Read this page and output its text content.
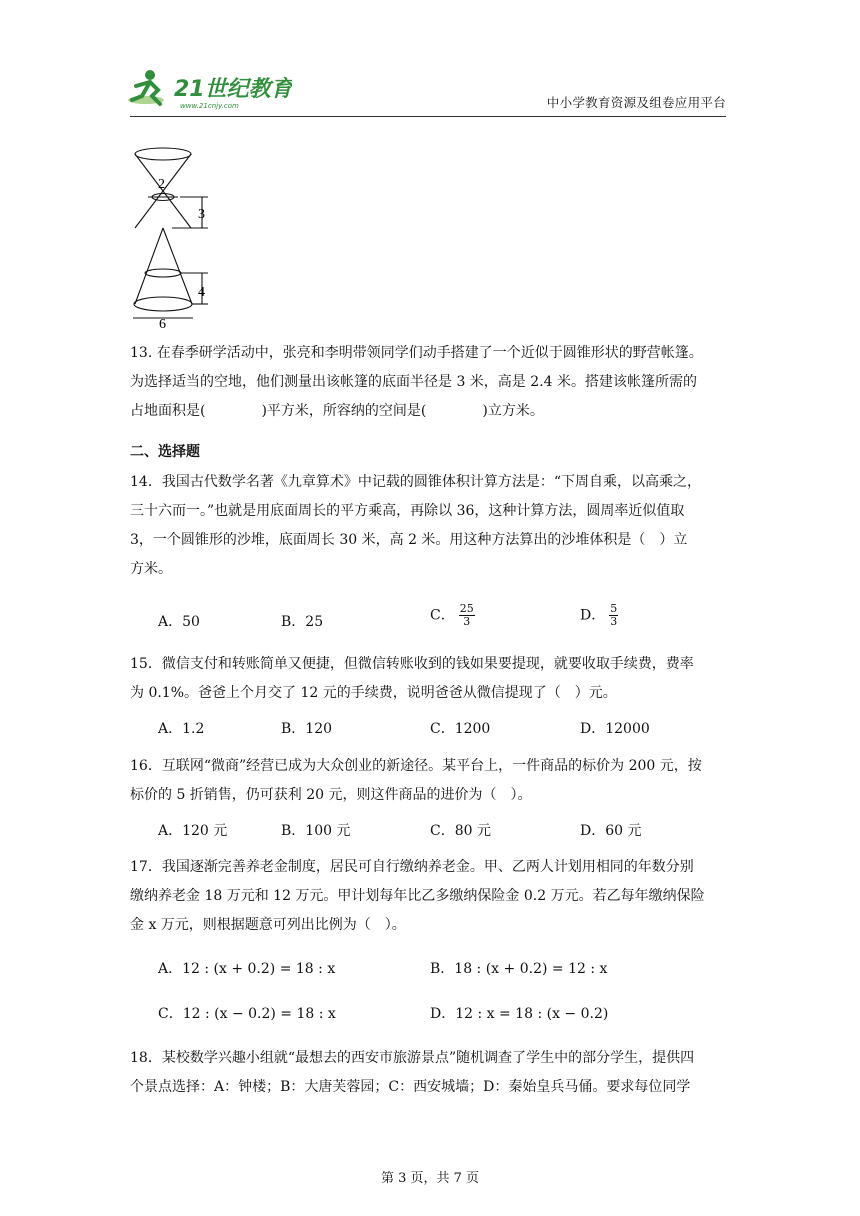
21世纪教育
www.21cnjy.com	中小学教育资源及组卷应用平台
2
3
4
6
13. 在春季研学活动中，张亮和李明带领同学们动手搭建了一个近似于圆锥形状的野营帐篷。
为选择适当的空地，他们测量出该帐篷的底面半径是 3 米，高是 2.4 米。搭建该帐篷所需的
占地面积是(　　　　)平方米，所容纳的空间是(　　　　)立方米。
二、选择题
14．我国古代数学名著《九章算术》中记载的圆锥体积计算方法是：“下周自乘，以高乘之，
三十六而一。”也就是用底面周长的平方乘高，再除以 36，这种计算方法，圆周率近似值取
3，一个圆锥形的沙堆，底面周长 30 米，高 2 米。用这种方法算出的沙堆体积是（　）立
方米。
A．50	B．25	C． $\frac{25}{3}$	D． $\frac{5}{3}$
15．微信支付和转账简单又便捷，但微信转账收到的钱如果要提现，就要收取手续费，费率
为 0.1%。爸爸上个月交了 12 元的手续费，说明爸爸从微信提现了（　）元。
A．1.2	B．120	C．1200	D．12000
16．互联网“微商”经营已成为大众创业的新途径。某平台上，一件商品的标价为 200 元，按
标价的 5 折销售，仍可获利 20 元，则这件商品的进价为（　）。
A．120 元	B．100 元	C．80 元	D．60 元
17．我国逐渐完善养老金制度，居民可自行缴纳养老金。甲、乙两人计划用相同的年数分别
缴纳养老金 18 万元和 12 万元。甲计划每年比乙多缴纳保险金 0.2 万元。若乙每年缴纳保险
金 x 万元，则根据题意可列出比例为（　）。
A．12 : (x + 0.2) = 18 : x	B．18 : (x + 0.2) = 12 : x
C．12 : (x − 0.2) = 18 : x	D．12 : x = 18 : (x − 0.2)
18．某校数学兴趣小组就“最想去的西安市旅游景点”随机调查了学生中的部分学生，提供四
个景点选择：A：钟楼；B：大唐芙蓉园；C：西安城墙；D：秦始皇兵马俑。要求每位同学
第 3 页，共 7 页
